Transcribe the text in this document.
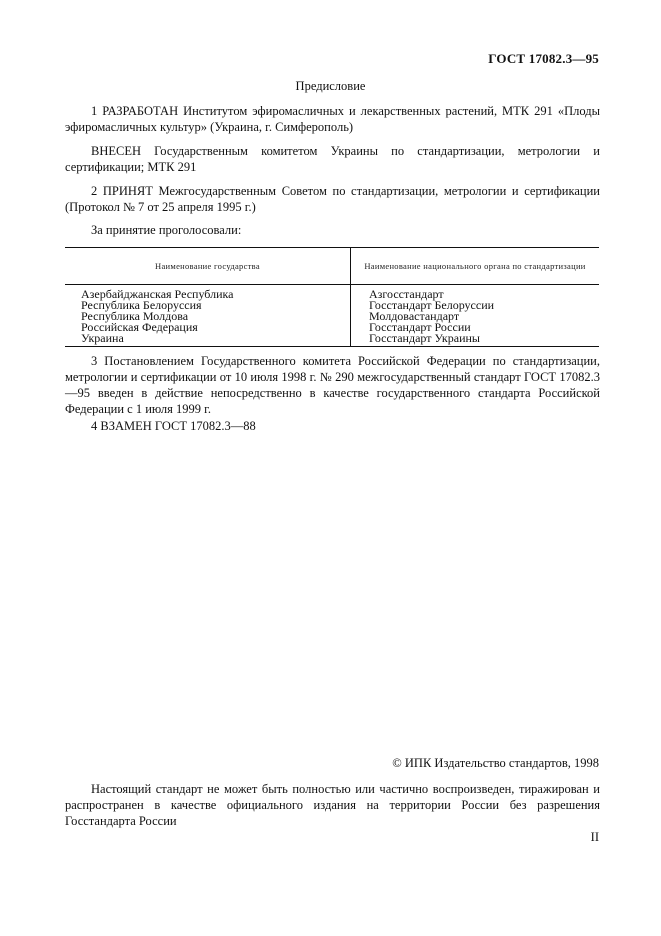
ГОСТ 17082.3—95
Предисловие

1 РАЗРАБОТАН Институтом эфиромасличных и лекарственных растений, МТК 291 «Плоды эфиромасличных культур» (Украина, г. Симферополь)

ВНЕСЕН Государственным комитетом Украины по стандартизации, метрологии и сертификации; МТК 291

2 ПРИНЯТ Межгосударственным Советом по стандартизации, метрологии и сертификации (Протокол № 7 от 25 апреля 1995 г.)

За принятие проголосовали:

Наименование государства	Наименование национального органа по стандартизации
Азербайджанская Республика	Азгосстандарт
Республика Белоруссия	Госстандарт Белоруссии
Республика Молдова	Молдовастандарт
Российская Федерация	Госстандарт России
Украина	Госстандарт Украины

3 Постановлением Государственного комитета Российской Федерации по стандартизации, метрологии и сертификации от 10 июля 1998 г. № 290 межгосударственный стандарт ГОСТ 17082.3—95 введен в действие непосредственно в качестве государственного стандарта Российской Федерации с 1 июля 1999 г.

4 ВЗАМЕН ГОСТ 17082.3—88

© ИПК Издательство стандартов, 1998

Настоящий стандарт не может быть полностью или частично воспроизведен, тиражирован и распространен в качестве официального издания на территории России без разрешения Госстандарта России

II
